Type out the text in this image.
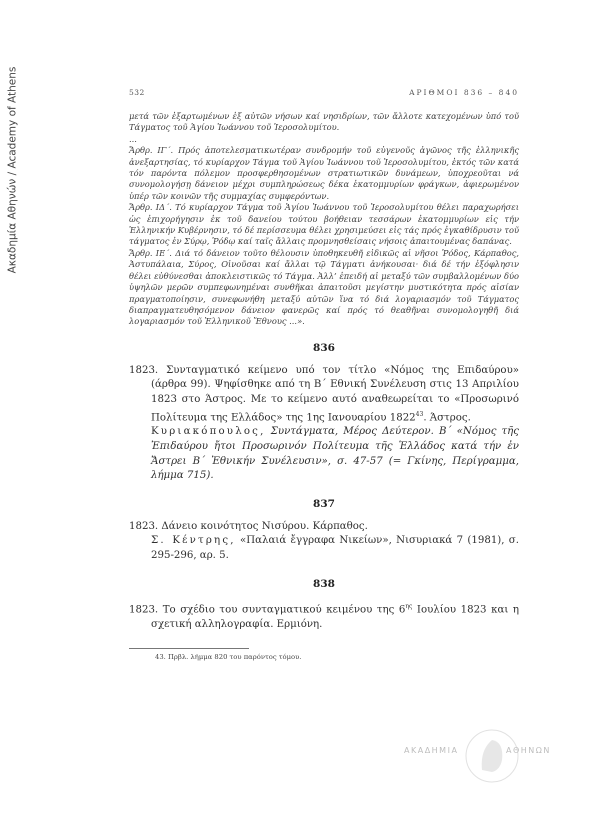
Ακαδημία Αθηνών / Academy of Athens	532	ΑΡΙΘΜΟΙ 836 – 840

μετά τῶν ἐξαρτωμένων ἐξ αὐτῶν νήσων καί νησιδρίων, τῶν ἄλλοτε κατεχομένων ὑπό τοῦ Τάγματος τοῦ Ἁγίου Ἰωάννου τοῦ Ἱεροσολυμίτου.

...

Ἄρθρ. ΙΓ΄. Πρός ἀποτελεσματικωτέραν συνδρομήν τοῦ εὐγενοῦς ἀγῶνος τῆς ἑλληνικῆς ἀνεξαρτησίας, τό κυρίαρχον Τάγμα τοῦ Ἁγίου Ἰωάννου τοῦ Ἱεροσολυμίτου, ἐκτός τῶν κατά τόν παρόντα πόλεμον προσφερθησομένων στρατιωτικῶν δυνάμεων, ὑποχρεοῦται νά συνομολογήσῃ δάνειον μέχρι συμπληρώσεως δέκα ἑκατομμυρίων φράγκων, ἀφιερωμένον ὑπέρ τῶν κοινῶν τῆς συμμαχίας συμφερόντων.

Ἄρθρ. ΙΔ΄. Τό κυρίαρχον Τάγμα τοῦ Ἁγίου Ἰωάννου τοῦ Ἱεροσολυμίτου θέλει παραχωρήσει ὡς ἐπιχορήγησιν ἐκ τοῦ δανείου τούτου βοήθειαν τεσσάρων ἑκατομμυρίων εἰς τήν Ἑλληνικήν Κυβέρνησιν, τό δέ περίσσευμα θέλει χρησιμεύσει εἰς τάς πρός ἐγκαθίδρυσιν τοῦ τάγματος ἐν Σύρῳ, Ῥόδῳ καί ταῖς ἄλλαις προμνησθείσαις νήσοις ἀπαιτουμένας δαπάνας.

Ἄρθρ. ΙΕ΄. Διά τό δάνειον τοῦτο θέλουσιν ὑποθηκευθῆ εἰδικῶς αἱ νῆσοι Ῥόδος, Κάρπαθος, Ἀστυπάλαια, Σύρος, Οἰνοῦσαι καί ἄλλαι τῷ Τάγματι ἀνήκουσαι· διά δέ τήν ἐξόφλησιν θέλει εὐθύνεσθαι ἀποκλειστικῶς τό Τάγμα. Ἀλλ’ ἐπειδή αἱ μεταξύ τῶν συμβαλλομένων δύο ὑψηλῶν μερῶν συμπεφωνημέναι συνθῆκαι ἀπαιτοῦσι μεγίστην μυστικότητα πρός αἰσίαν πραγματοποίησιν, συνεφωνήθη μεταξύ αὐτῶν ἵνα τό διά λογαριασμόν τοῦ Τάγματος διαπραγματευθησόμενον δάνειον φανερῶς καί πρός τό θεαθῆναι συνομολογηθῆ διά λογαριασμόν τοῦ Ἑλληνικοῦ Ἔθνους ...».

836

1823. Συνταγματικό κείμενο υπό τον τίτλο «Νόμος της Επιδαύρου» (άρθρα 99). Ψηφίσθηκε από τη Β΄ Εθνική Συνέλευση στις 13 Απριλίου 1823 στο Άστρος. Με το κείμενο αυτό αναθεωρείται το «Προσωρινό Πολίτευμα της Ελλάδος» της 1ης Ιανουαρίου 1822$^{43}$. Άστρος.

Κυριακόπουλος, Συντάγματα, Μέρος Δεύτερον. Β΄ «Νόμος τῆς Ἐπιδαύρου ἤτοι Προσωρινόν Πολίτευμα τῆς Ἑλλάδος κατά τήν ἐν Ἄστρει Β΄ Ἐθνικήν Συνέλευσιν», σ. 47-57 (= Γκίνης, Περίγραμμα, λήμμα 715).

837

1823. Δάνειο κοινότητος Νισύρου. Κάρπαθος.

Σ. Κέντρης, «Παλαιά ἔγγραφα Νικείων», Νισυριακά 7 (1981), σ. 295-296, αρ. 5.

838

1823. Το σχέδιο του συνταγματικού κειμένου της $6^{\eta\varsigma}$ Ιουλίου 1823 και η σχετική αλληλογραφία. Ερμιόνη.

43. Πρβλ. λήμμα 820 του παρόντος τόμου.
ΑΚΑΔΗΜΙΑ	ΑΘΗΝΩΝ
